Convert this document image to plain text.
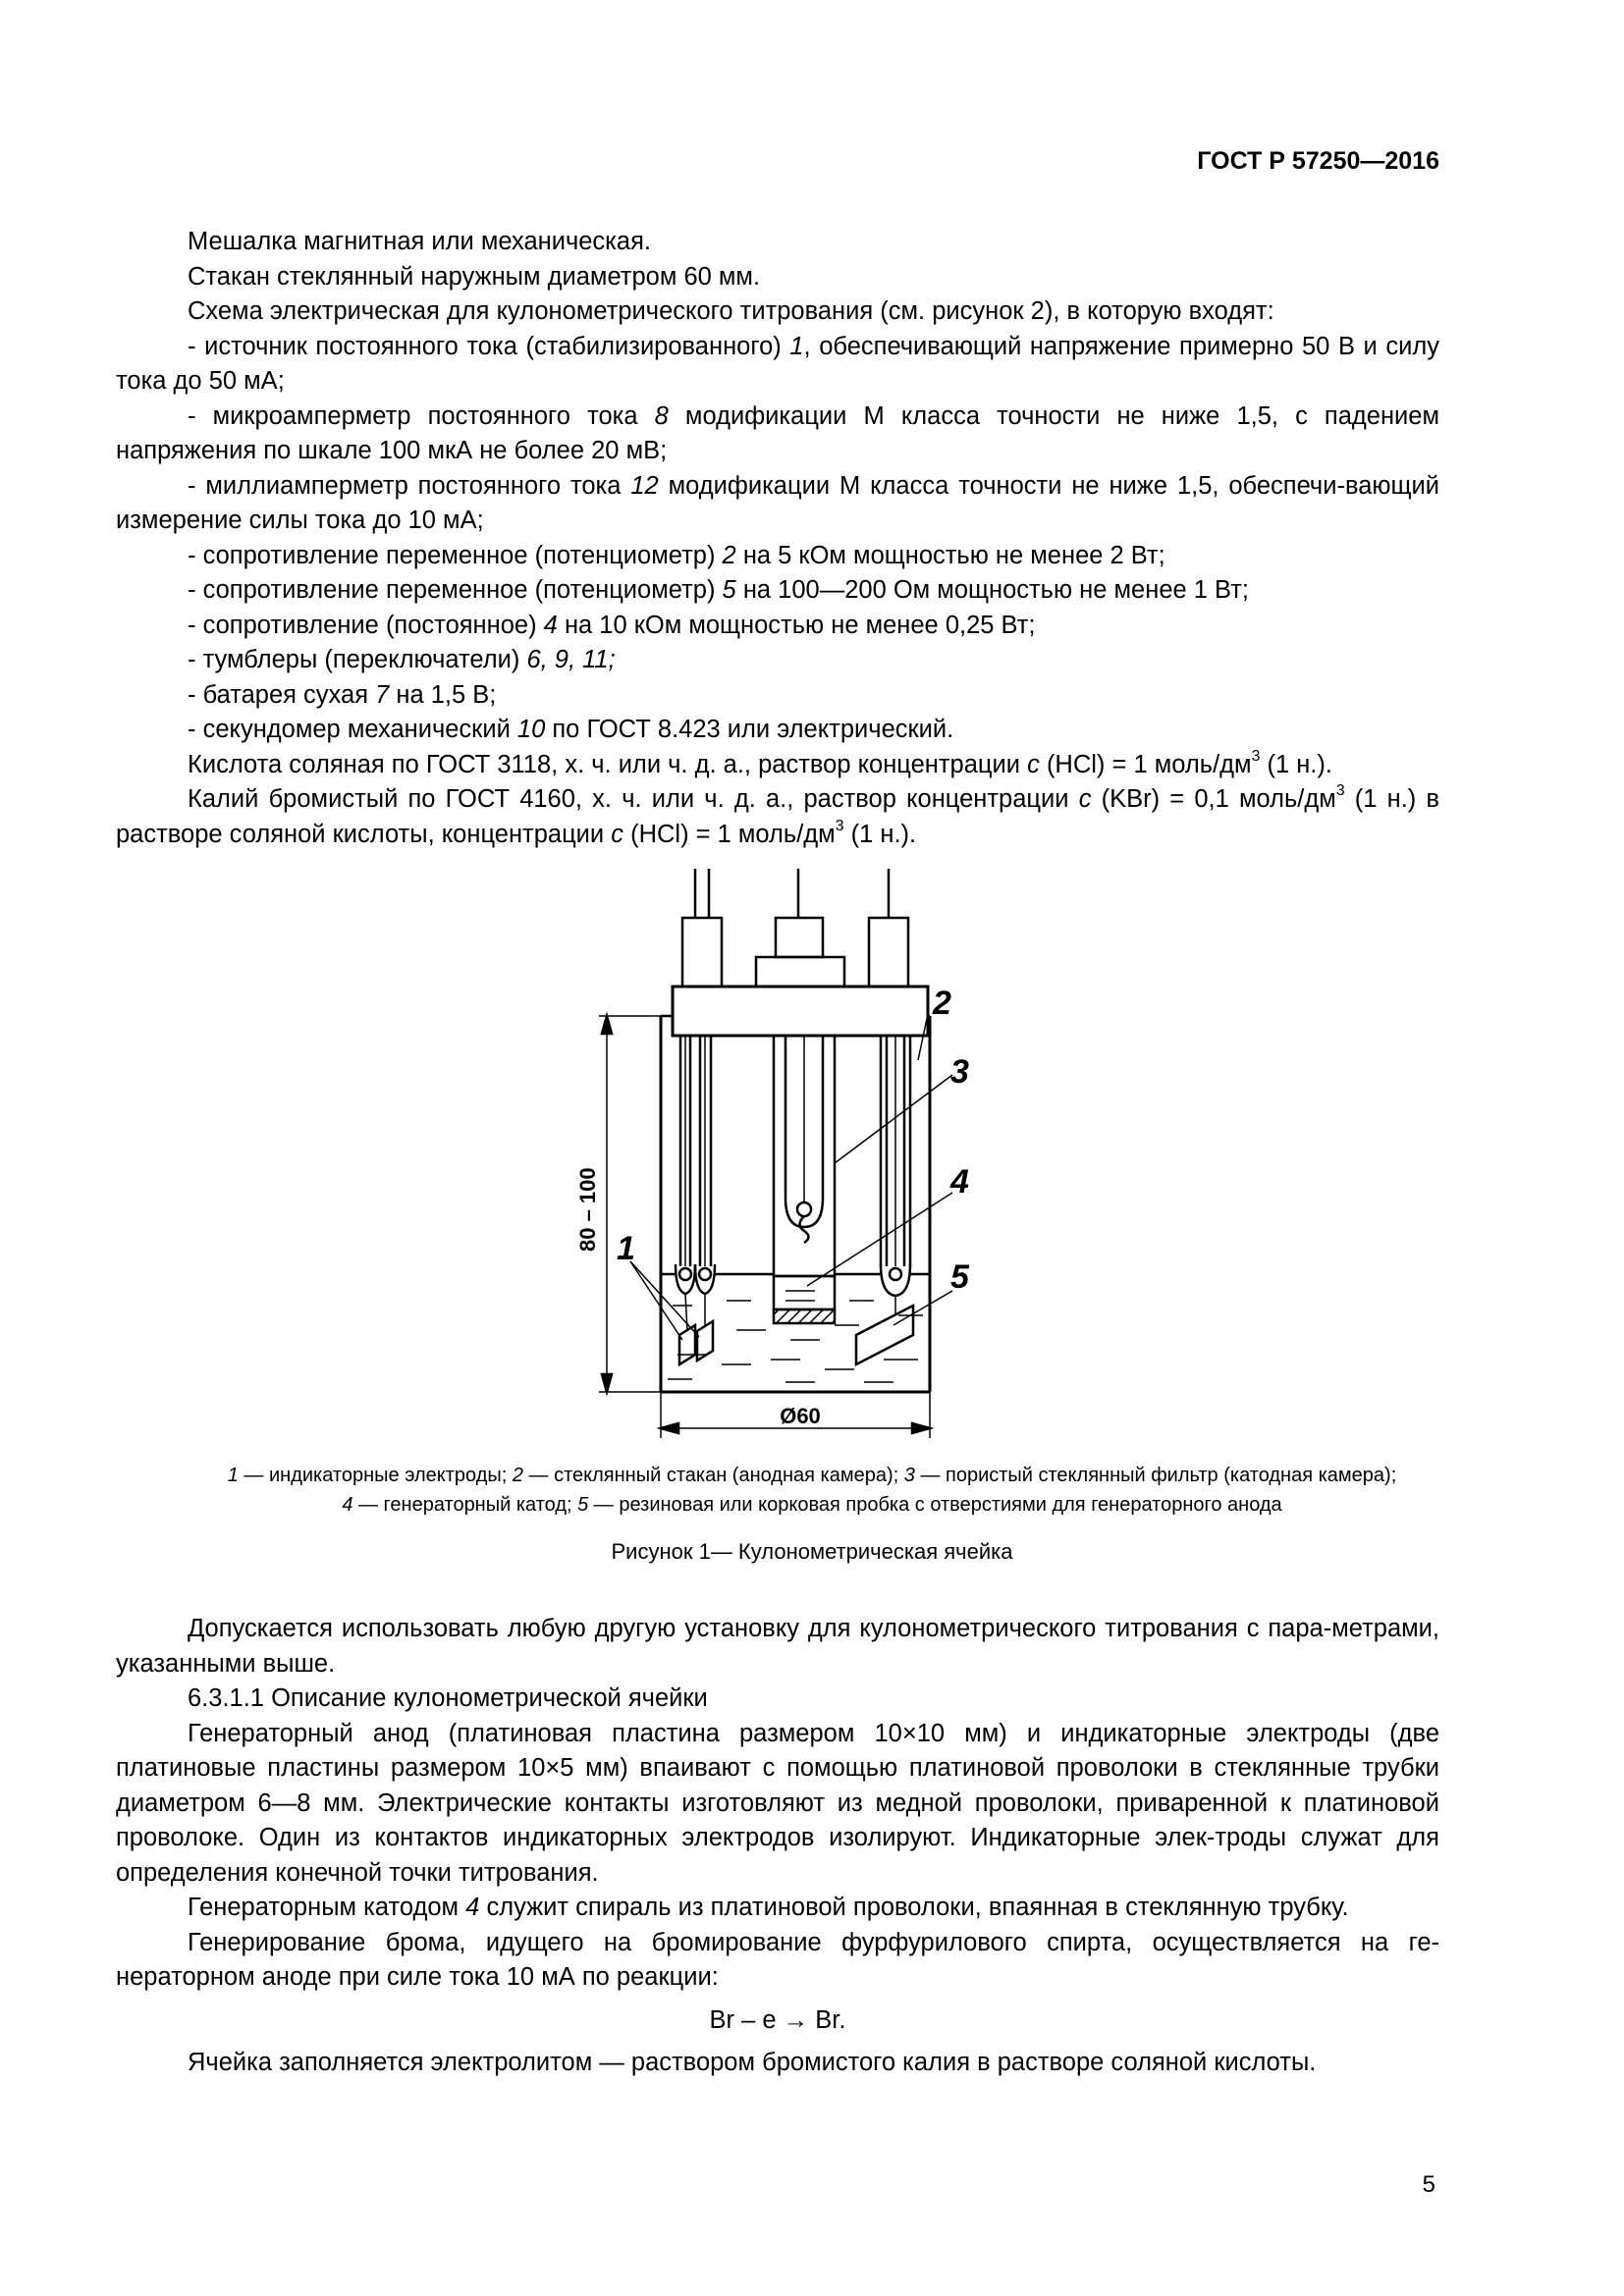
ГОСТ Р 57250—2016

Мешалка магнитная или механическая.

Стакан стеклянный наружным диаметром 60 мм.

Схема электрическая для кулонометрического титрования (см. рисунок 2), в которую входят:

- источник постоянного тока (стабилизированного) 1, обеспечивающий напряжение примерно 50 В и силу тока до 50 мА;

- микроамперметр постоянного тока 8 модификации М класса точности не ниже 1,5, с падением напряжения по шкале 100 мкА не более 20 мВ;

- миллиамперметр постоянного тока 12 модификации М класса точности не ниже 1,5, обеспечи-вающий измерение силы тока до 10 мА;

- сопротивление переменное (потенциометр) 2 на 5 кОм мощностью не менее 2 Вт;

- сопротивление переменное (потенциометр) 5 на 100—200 Ом мощностью не менее 1 Вт;

- сопротивление (постоянное) 4 на 10 кОм мощностью не менее 0,25 Вт;

- тумблеры (переключатели) 6, 9, 11;

- батарея сухая 7 на 1,5 В;

- секундомер механический 10 по ГОСТ 8.423 или электрический.

Кислота соляная по ГОСТ 3118, х. ч. или ч. д. а., раствор концентрации с (HCl) = 1 моль/$дм^3$ (1 н.).

Калий бромистый по ГОСТ 4160, х. ч. или ч. д. а., раствор концентрации с (KBr) = 0,1 моль/$дм^3$ (1 н.) в растворе соляной кислоты, концентрации с (HCl) = 1 моль/$дм^3$ (1 н.).

2
3
4
5
1
80 – 100
Ø60
1 — индикаторные электроды; 2 — стеклянный стакан (анодная камера); 3 — пористый стеклянный фильтр (катодная камера);
4 — генераторный катод; 5 — резиновая или корковая пробка с отверстиями для генераторного анода
Рисунок 1— Кулонометрическая ячейка

Допускается использовать любую другую установку для кулонометрического титрования с пара-метрами, указанными выше.

6.3.1.1 Описание кулонометрической ячейки

Генераторный анод (платиновая пластина размером 10×10 мм) и индикаторные электроды (две платиновые пластины размером 10×5 мм) впаивают с помощью платиновой проволоки в стеклянные трубки диаметром 6—8 мм. Электрические контакты изготовляют из медной проволоки, приваренной к платиновой проволоке. Один из контактов индикаторных электродов изолируют. Индикаторные элек-троды служат для определения конечной точки титрования.

Генераторным катодом 4 служит спираль из платиновой проволоки, впаянная в стеклянную трубку.

Генерирование брома, идущего на бромирование фурфурилового спирта, осуществляется на ге-нераторном аноде при силе тока 10 мА по реакции:

Br – e → Br.

Ячейка заполняется электролитом — раствором бромистого калия в растворе соляной кислоты.

5
